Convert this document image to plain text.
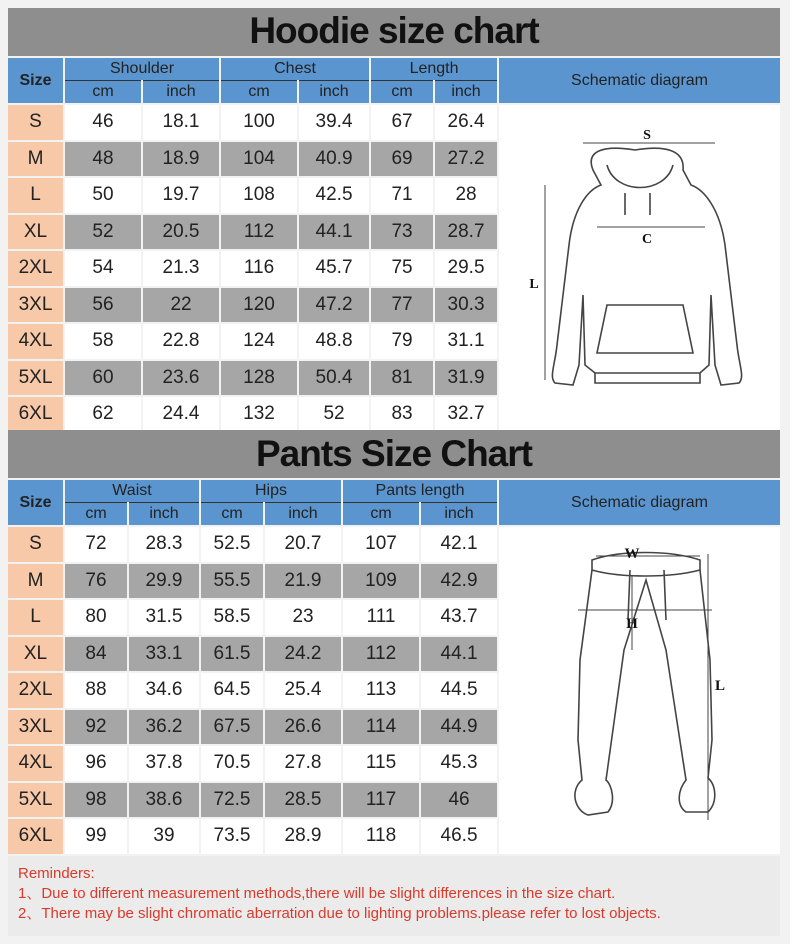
Hoodie size chart
Size	Shoulder		Chest		Length		Schematic diagram
	cm	inch	cm	inch	cm	inch	
S	46	18.1	100	39.4	67	26.4	
M	48	18.9	104	40.9	69	27.2	
L	50	19.7	108	42.5	71	28	
XL	52	20.5	112	44.1	73	28.7	
2XL	54	21.3	116	45.7	75	29.5	
3XL	56	22	120	47.2	77	30.3	
4XL	58	22.8	124	48.8	79	31.1	
5XL	60	23.6	128	50.4	81	31.9	
6XL	62	24.4	132	52	83	32.7	
Pants Size Chart
Size	Waist		Hips		Pants length		Schematic diagram
	cm	inch	cm	inch	cm	inch	
S	72	28.3	52.5	20.7	107	42.1	
M	76	29.9	55.5	21.9	109	42.9	
L	80	31.5	58.5	23	111	43.7	
XL	84	33.1	61.5	24.2	112	44.1	
2XL	88	34.6	64.5	25.4	113	44.5	
3XL	92	36.2	67.5	26.6	114	44.9	
4XL	96	37.8	70.5	27.8	115	45.3	
5XL	98	38.6	72.5	28.5	117	46	
6XL	99	39	73.5	28.9	118	46.5	
S
C
L
W
H
L
Reminders:
1、Due to different measurement methods,there will be slight differences in the size chart.
2、There may be slight chromatic aberration due to lighting problems.please refer to lost objects.
